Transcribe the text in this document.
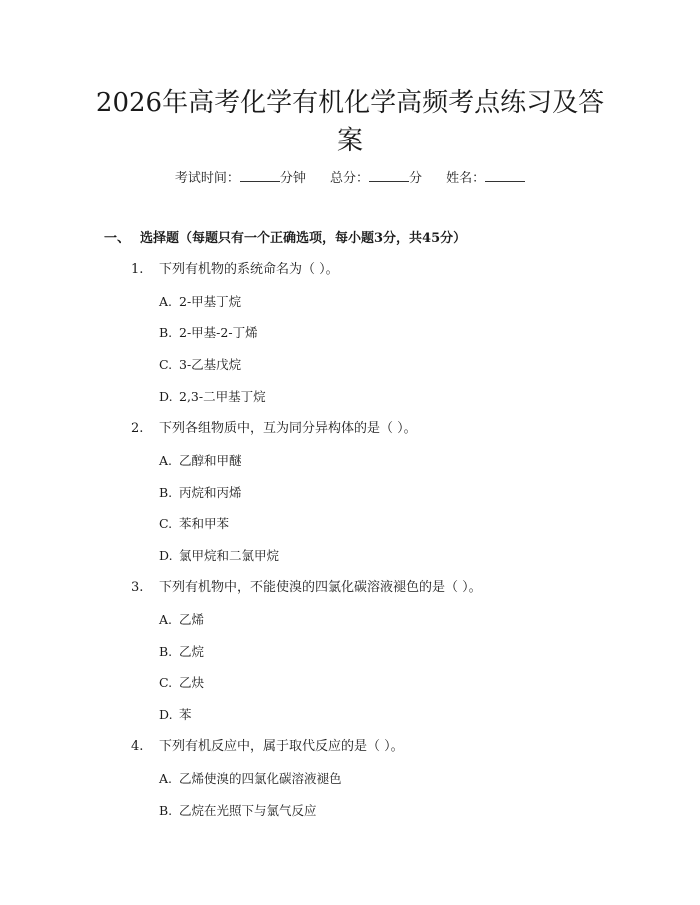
2026年高考化学有机化学高频考点练习及答案
考试时间：	分钟 总分：	分 姓名：
一、 选择题（每题只有一个正确选项，每小题3分，共45分）
1. 下列有机物的系统命名为（ ）。
A. 2-甲基丁烷
B. 2-甲基-2-丁烯
C. 3-乙基戊烷
D. 2,3-二甲基丁烷
2. 下列各组物质中，互为同分异构体的是（ ）。
A. 乙醇和甲醚
B. 丙烷和丙烯
C. 苯和甲苯
D. 氯甲烷和二氯甲烷
3. 下列有机物中，不能使溴的四氯化碳溶液褪色的是（ ）。
A. 乙烯
B. 乙烷
C. 乙炔
D. 苯
4. 下列有机反应中，属于取代反应的是（ ）。
A. 乙烯使溴的四氯化碳溶液褪色
B. 乙烷在光照下与氯气反应
